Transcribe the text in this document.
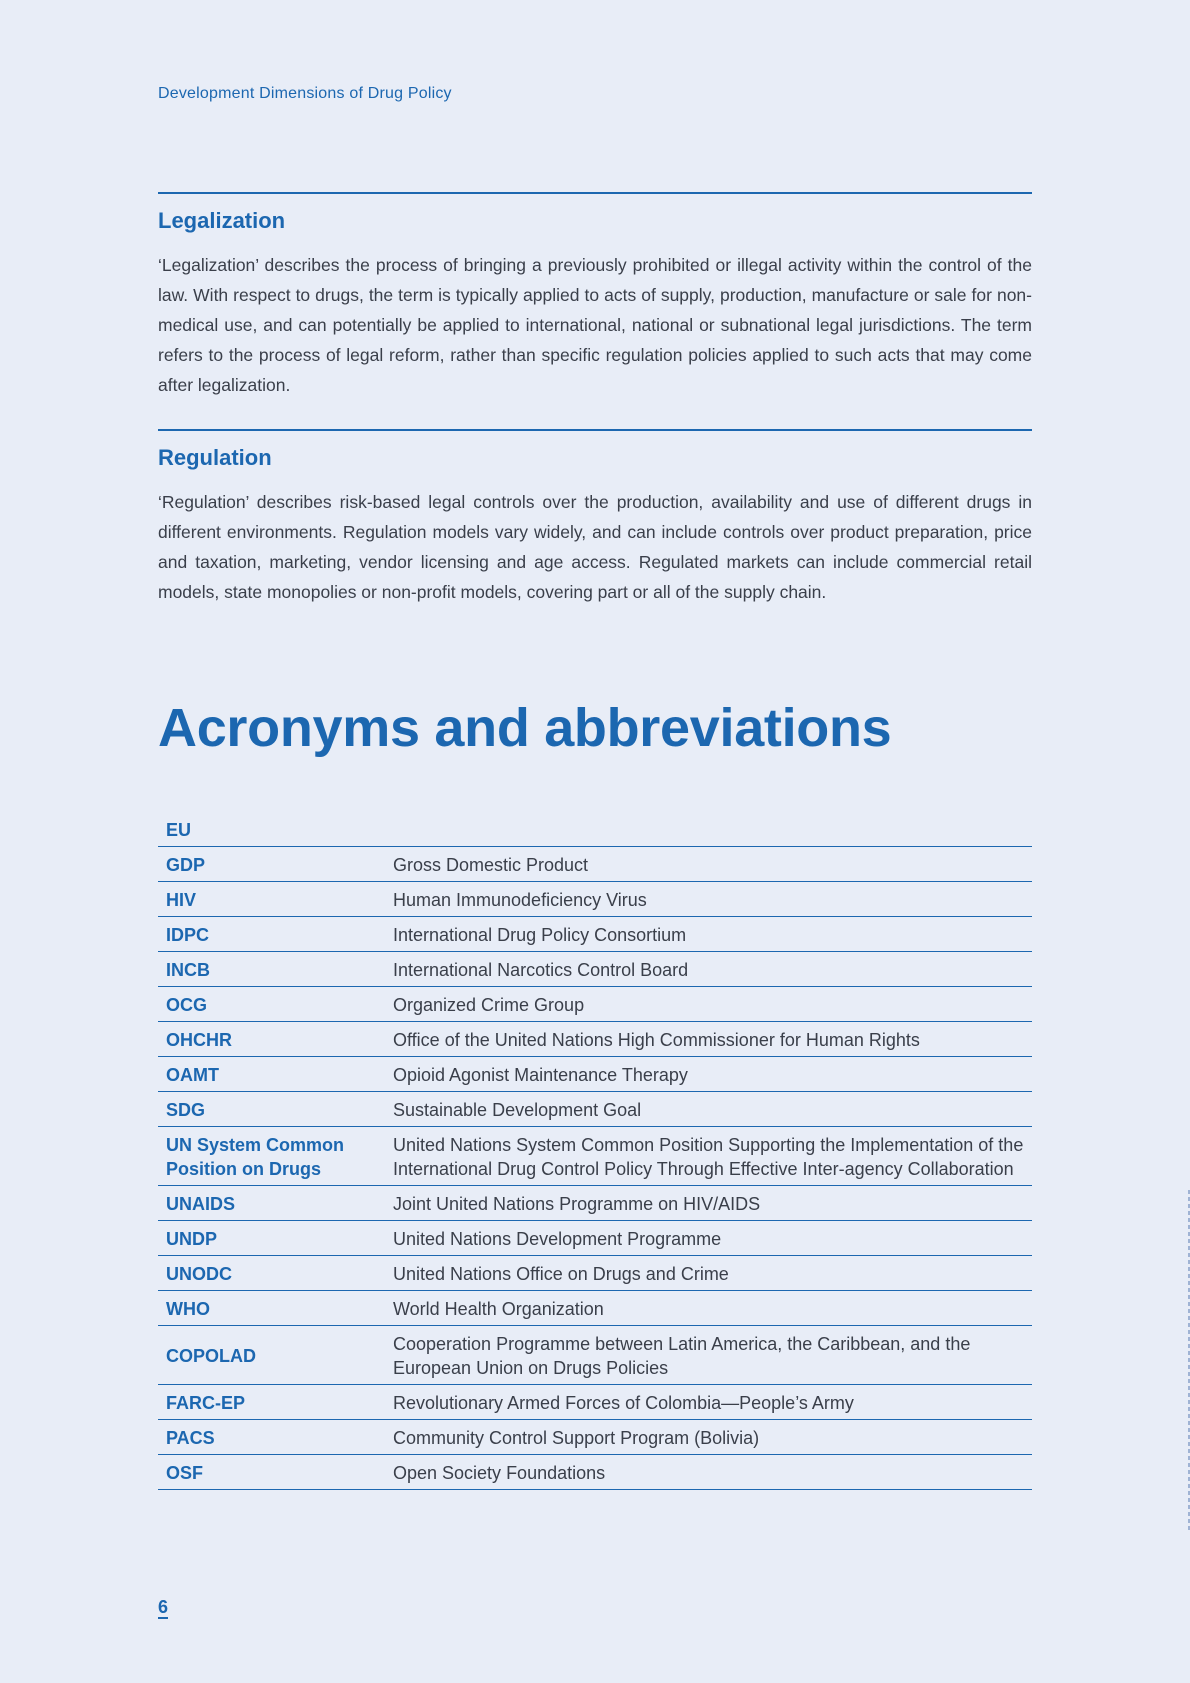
Development Dimensions of Drug Policy
Legalization

‘Legalization’ describes the process of bringing a previously prohibited or illegal activity within the control of the law. With respect to drugs, the term is typically applied to acts of supply, production, manufacture or sale for non-medical use, and can potentially be applied to international, national or subnational legal jurisdictions. The term refers to the process of legal reform, rather than specific regulation policies applied to such acts that may come after legalization.

Regulation

‘Regulation’ describes risk-based legal controls over the production, availability and use of different drugs in different environments. Regulation models vary widely, and can include controls over product preparation, price and taxation, marketing, vendor licensing and age access. Regulated markets can include commercial retail models, state monopolies or non-profit models, covering part or all of the supply chain.

Acronyms and abbreviations
EU	
GDP	Gross Domestic Product
HIV	Human Immunodeficiency Virus
IDPC	International Drug Policy Consortium
INCB	International Narcotics Control Board
OCG	Organized Crime Group
OHCHR	Office of the United Nations High Commissioner for Human Rights
OAMT	Opioid Agonist Maintenance Therapy
SDG	Sustainable Development Goal
UN System Common Position on Drugs	United Nations System Common Position Supporting the Implementation of the International Drug Control Policy Through Effective Inter-agency Collaboration
UNAIDS	Joint United Nations Programme on HIV/AIDS
UNDP	United Nations Development Programme
UNODC	United Nations Office on Drugs and Crime
WHO	World Health Organization
COPOLAD	Cooperation Programme between Latin America, the Caribbean, and the European Union on Drugs Policies
FARC-EP	Revolutionary Armed Forces of Colombia—People’s Army
PACS	Community Control Support Program (Bolivia)
OSF	Open Society Foundations
6
